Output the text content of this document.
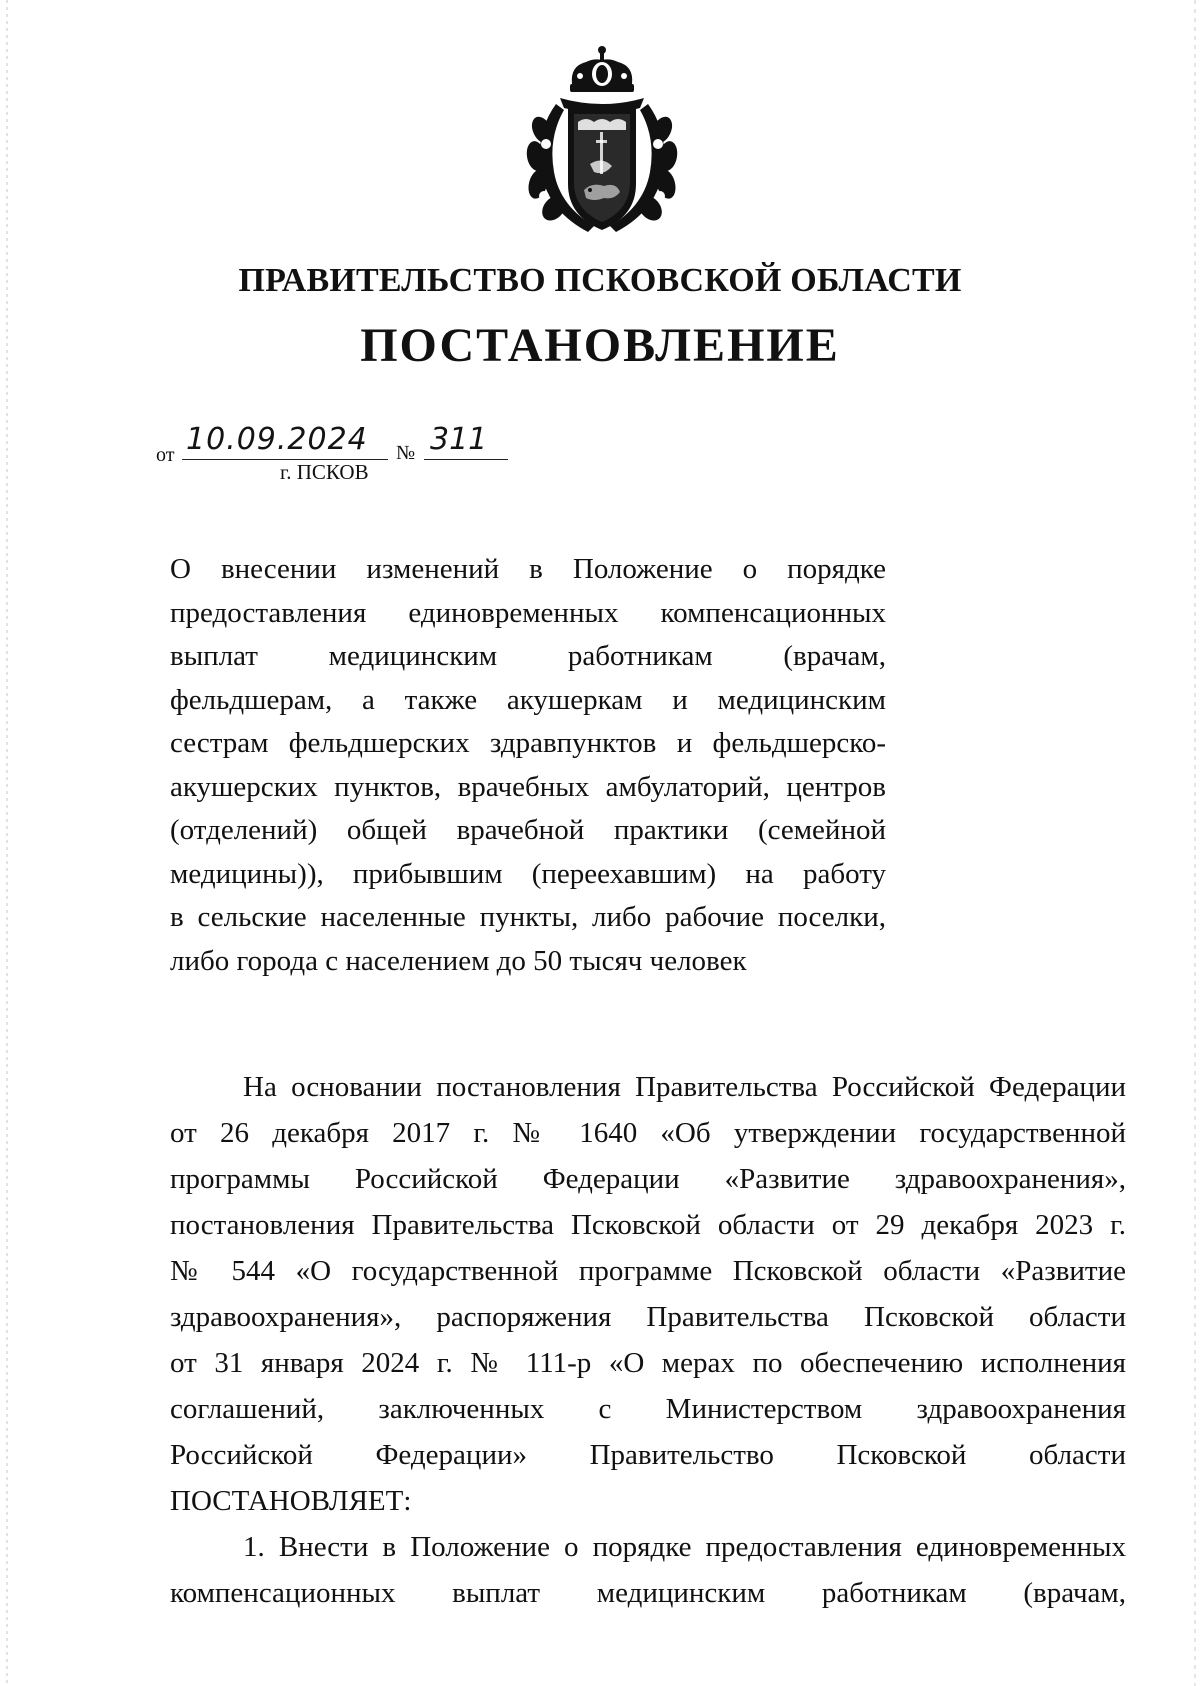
ПРАВИТЕЛЬСТВО ПСКОВСКОЙ ОБЛАСТИ
ПОСТАНОВЛЕНИЕ
от 10.09.2024	№ 311
г. ПСКОВ
О внесении изменений в Положение о порядке
предоставления единовременных компенсационных
выплат медицинским работникам (врачам,
фельдшерам, а также акушеркам и медицинским
сестрам фельдшерских здравпунктов и фельдшерско-
акушерских пунктов, врачебных амбулаторий, центров
(отделений) общей врачебной практики (семейной
медицины)), прибывшим (переехавшим) на работу
в сельские населенные пункты, либо рабочие поселки,
либо города с населением до 50 тысяч человек
На основании постановления Правительства Российской Федерации
от 26 декабря 2017 г. № 1640 «Об утверждении государственной
программы Российской Федерации «Развитие здравоохранения»,
постановления Правительства Псковской области от 29 декабря 2023 г.
№ 544 «О государственной программе Псковской области «Развитие
здравоохранения», распоряжения Правительства Псковской области
от 31 января 2024 г. № 111-р «О мерах по обеспечению исполнения
соглашений, заключенных с Министерством здравоохранения
Российской Федерации» Правительство Псковской области
ПОСТАНОВЛЯЕТ:
1. Внести в Положение о порядке предоставления единовременных
компенсационных выплат медицинским работникам (врачам,
